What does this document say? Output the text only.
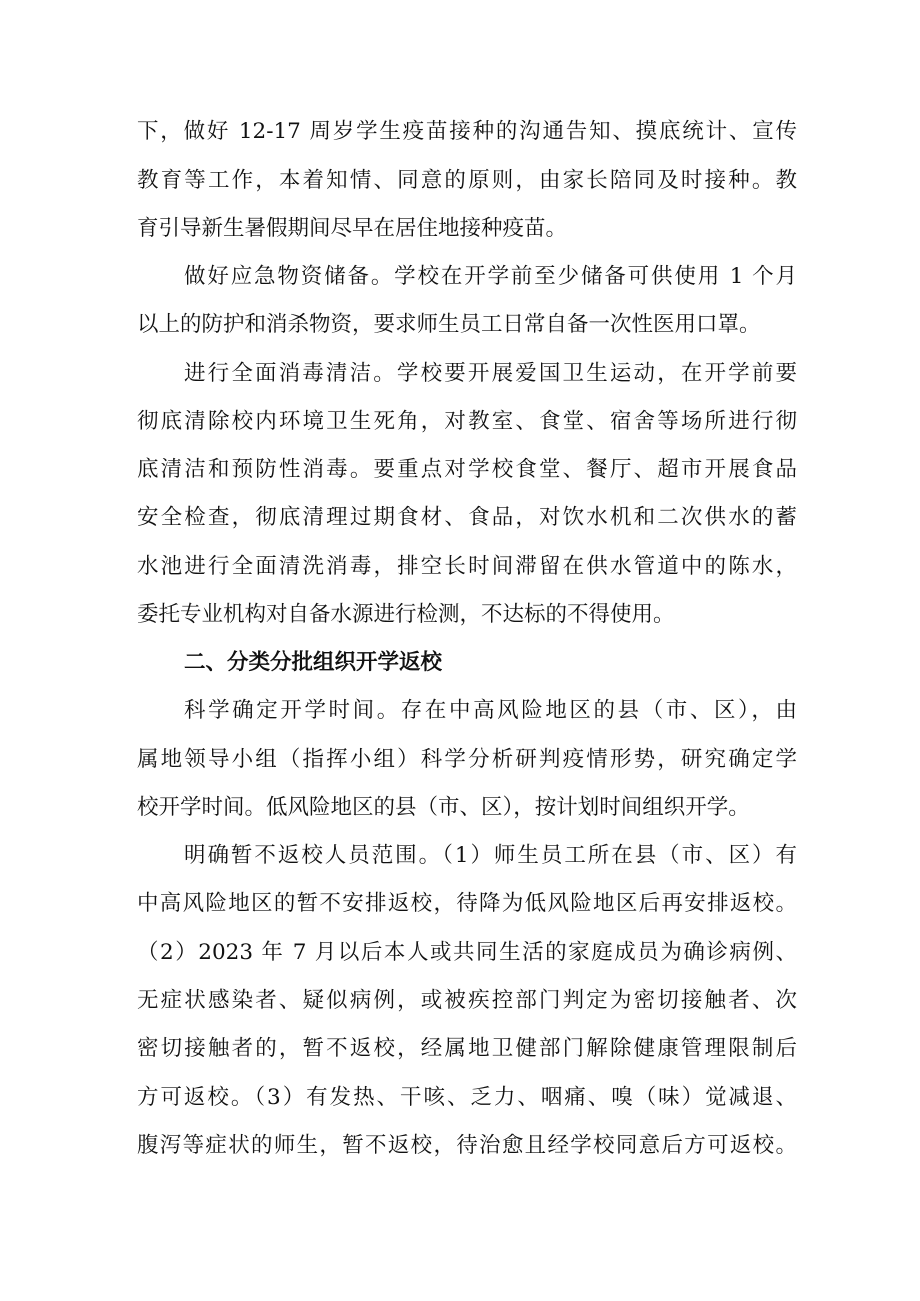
下，做好 12-17 周岁学生疫苗接种的沟通告知、摸底统计、宣传
教育等工作，本着知情、同意的原则，由家长陪同及时接种。教
育引导新生暑假期间尽早在居住地接种疫苗。
做好应急物资储备。学校在开学前至少储备可供使用 1 个月
以上的防护和消杀物资，要求师生员工日常自备一次性医用口罩。
进行全面消毒清洁。学校要开展爱国卫生运动，在开学前要
彻底清除校内环境卫生死角，对教室、食堂、宿舍等场所进行彻
底清洁和预防性消毒。要重点对学校食堂、餐厅、超市开展食品
安全检查，彻底清理过期食材、食品，对饮水机和二次供水的蓄
水池进行全面清洗消毒，排空长时间滞留在供水管道中的陈水，
委托专业机构对自备水源进行检测，不达标的不得使用。
二、分类分批组织开学返校
科学确定开学时间。存在中高风险地区的县（市、区），由
属地领导小组（指挥小组）科学分析研判疫情形势，研究确定学
校开学时间。低风险地区的县（市、区），按计划时间组织开学。
明确暂不返校人员范围。（1）师生员工所在县（市、区）有
中高风险地区的暂不安排返校，待降为低风险地区后再安排返校。
（2）2023 年 7 月以后本人或共同生活的家庭成员为确诊病例、
无症状感染者、疑似病例，或被疾控部门判定为密切接触者、次
密切接触者的，暂不返校，经属地卫健部门解除健康管理限制后
方可返校。（3）有发热、干咳、乏力、咽痛、嗅（味）觉减退、
腹泻等症状的师生，暂不返校，待治愈且经学校同意后方可返校。
